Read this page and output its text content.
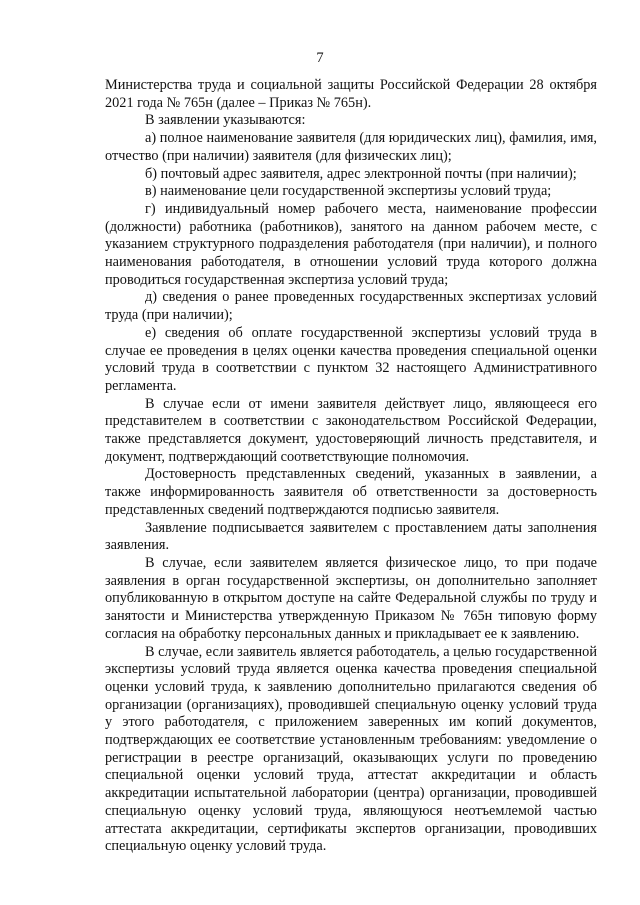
7

Министерства труда и социальной защиты Российской Федерации 28 октября 2021 года № 765н (далее – Приказ № 765н).

В заявлении указываются:

а) полное наименование заявителя (для юридических лиц), фамилия, имя, отчество (при наличии) заявителя (для физических лиц);

б) почтовый адрес заявителя, адрес электронной почты (при наличии);

в) наименование цели государственной экспертизы условий труда;

г) индивидуальный номер рабочего места, наименование профессии (должности) работника (работников), занятого на данном рабочем месте, с указанием структурного подразделения работодателя (при наличии), и полного наименования работодателя, в отношении условий труда которого должна проводиться государственная экспертиза условий труда;

д) сведения о ранее проведенных государственных экспертизах условий труда (при наличии);

е) сведения об оплате государственной экспертизы условий труда в случае ее проведения в целях оценки качества проведения специальной оценки условий труда в соответствии с пунктом 32 настоящего Административного регламента.

В случае если от имени заявителя действует лицо, являющееся его представителем в соответствии с законодательством Российской Федерации, также представляется документ, удостоверяющий личность представителя, и документ, подтверждающий соответствующие полномочия.

Достоверность представленных сведений, указанных в заявлении, а также информированность заявителя об ответственности за достоверность представленных сведений подтверждаются подписью заявителя.

Заявление подписывается заявителем с проставлением даты заполнения заявления.

В случае, если заявителем является физическое лицо, то при подаче заявления в орган государственной экспертизы, он дополнительно заполняет опубликованную в открытом доступе на сайте Федеральной службы по труду и занятости и Министерства утвержденную Приказом № 765н типовую форму согласия на обработку персональных данных и прикладывает ее к заявлению.

В случае, если заявитель является работодатель, а целью государственной экспертизы условий труда является оценка качества проведения специальной оценки условий труда, к заявлению дополнительно прилагаются сведения об организации (организациях), проводившей специальную оценку условий труда у этого работодателя, с приложением заверенных им копий документов, подтверждающих ее соответствие установленным требованиям: уведомление о регистрации в реестре организаций, оказывающих услуги по проведению специальной оценки условий труда, аттестат аккредитации и область аккредитации испытательной лаборатории (центра) организации, проводившей специальную оценку условий труда, являющуюся неотъемлемой частью аттестата аккредитации, сертификаты экспертов организации, проводивших специальную оценку условий труда.
